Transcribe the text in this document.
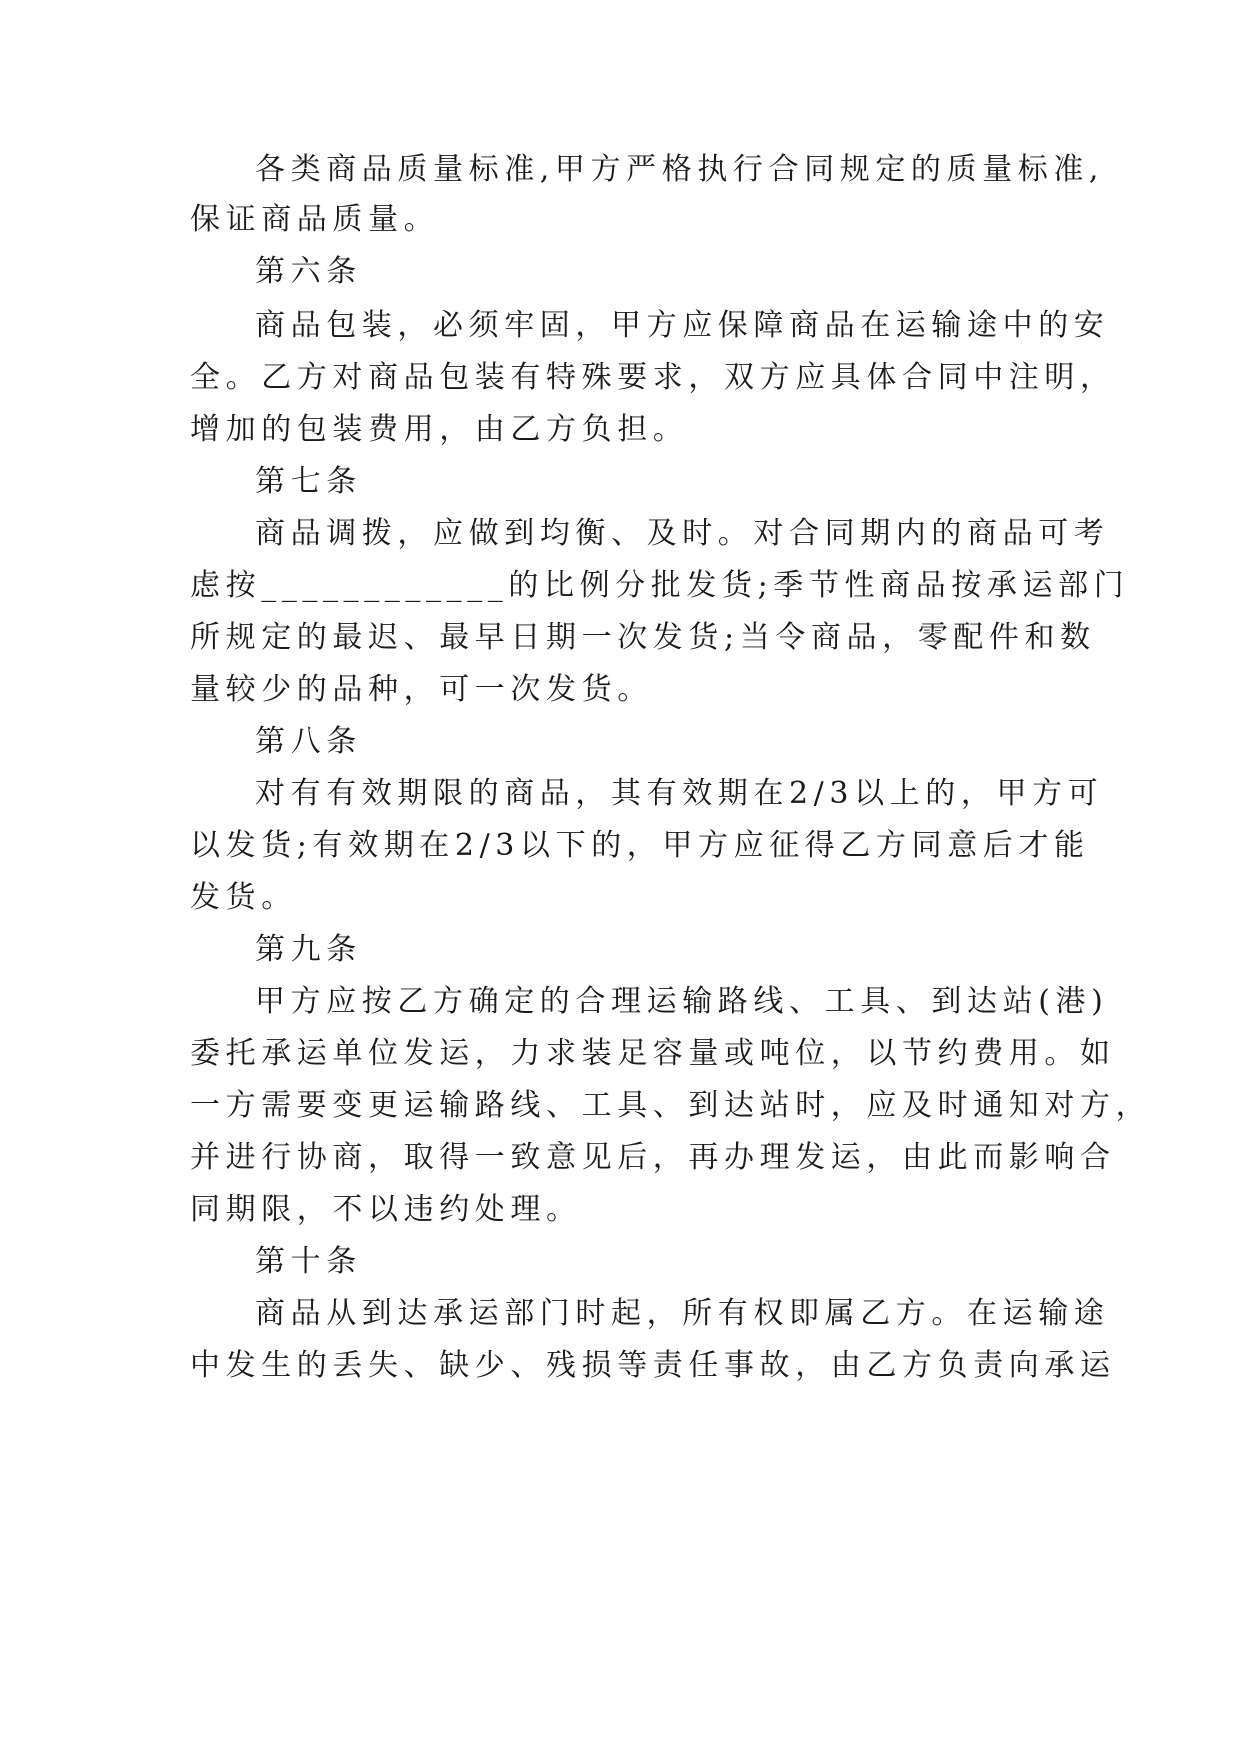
各类商品质量标准,甲方严格执行合同规定的质量标准,
保证商品质量。
第六条
商品包装，必须牢固，甲方应保障商品在运输途中的安
全。乙方对商品包装有特殊要求，双方应具体合同中注明，
增加的包装费用，由乙方负担。
第七条
商品调拨，应做到均衡、及时。对合同期内的商品可考
虑按____________的比例分批发货;季节性商品按承运部门
所规定的最迟、最早日期一次发货;当令商品，零配件和数
量较少的品种，可一次发货。
第八条
对有有效期限的商品，其有效期在2/3以上的，甲方可
以发货;有效期在2/3以下的，甲方应征得乙方同意后才能
发货。
第九条
甲方应按乙方确定的合理运输路线、工具、到达站(港)
委托承运单位发运，力求装足容量或吨位，以节约费用。如
一方需要变更运输路线、工具、到达站时，应及时通知对方，
并进行协商，取得一致意见后，再办理发运，由此而影响合
同期限，不以违约处理。
第十条
商品从到达承运部门时起，所有权即属乙方。在运输途
中发生的丢失、缺少、残损等责任事故，由乙方负责向承运
